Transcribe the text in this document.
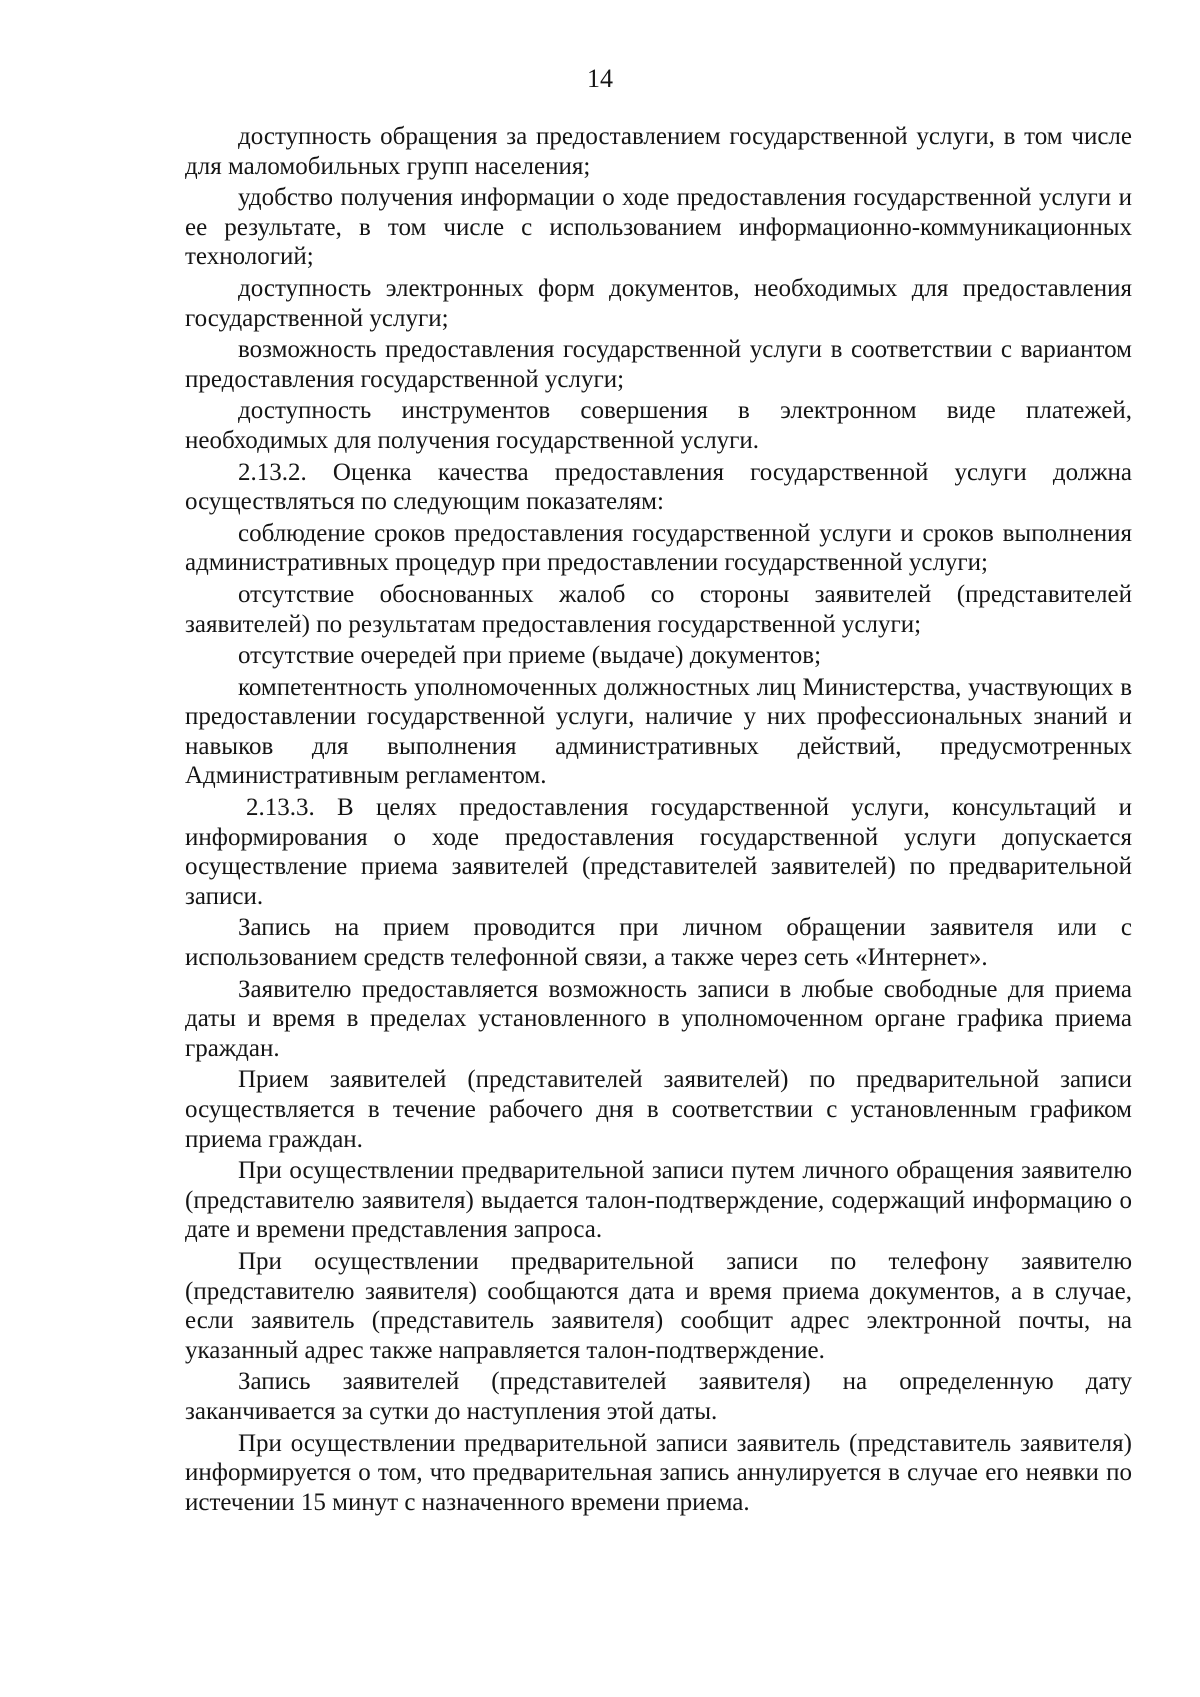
14

доступность обращения за предоставлением государственной услуги, в том числе для маломобильных групп населения;

удобство получения информации о ходе предоставления государственной услуги и ее результате, в том числе с использованием информационно-коммуникационных технологий;

доступность электронных форм документов, необходимых для предоставления государственной услуги;

возможность предоставления государственной услуги в соответствии с вариантом предоставления государственной услуги;

доступность инструментов совершения в электронном виде платежей, необходимых для получения государственной услуги.

2.13.2. Оценка качества предоставления государственной услуги должна осуществляться по следующим показателям:

соблюдение сроков предоставления государственной услуги и сроков выполнения административных процедур при предоставлении государственной услуги;

отсутствие обоснованных жалоб со стороны заявителей (представителей заявителей) по результатам предоставления государственной услуги;

отсутствие очередей при приеме (выдаче) документов;

компетентность уполномоченных должностных лиц Министерства, участвующих в предоставлении государственной услуги, наличие у них профессиональных знаний и навыков для выполнения административных действий, предусмотренных Административным регламентом.

2.13.3. В целях предоставления государственной услуги, консультаций и информирования о ходе предоставления государственной услуги допускается осуществление приема заявителей (представителей заявителей) по предварительной записи.

Запись на прием проводится при личном обращении заявителя или с использованием средств телефонной связи, а также через сеть «Интернет».

Заявителю предоставляется возможность записи в любые свободные для приема даты и время в пределах установленного в уполномоченном органе графика приема граждан.

Прием заявителей (представителей заявителей) по предварительной записи осуществляется в течение рабочего дня в соответствии с установленным графиком приема граждан.

При осуществлении предварительной записи путем личного обращения заявителю (представителю заявителя) выдается талон-подтверждение, содержащий информацию о дате и времени представления запроса.

При осуществлении предварительной записи по телефону заявителю (представителю заявителя) сообщаются дата и время приема документов, а в случае, если заявитель (представитель заявителя) сообщит адрес электронной почты, на указанный адрес также направляется талон-подтверждение.

Запись заявителей (представителей заявителя) на определенную дату заканчивается за сутки до наступления этой даты.

При осуществлении предварительной записи заявитель (представитель заявителя) информируется о том, что предварительная запись аннулируется в случае его неявки по истечении 15 минут с назначенного времени приема.
